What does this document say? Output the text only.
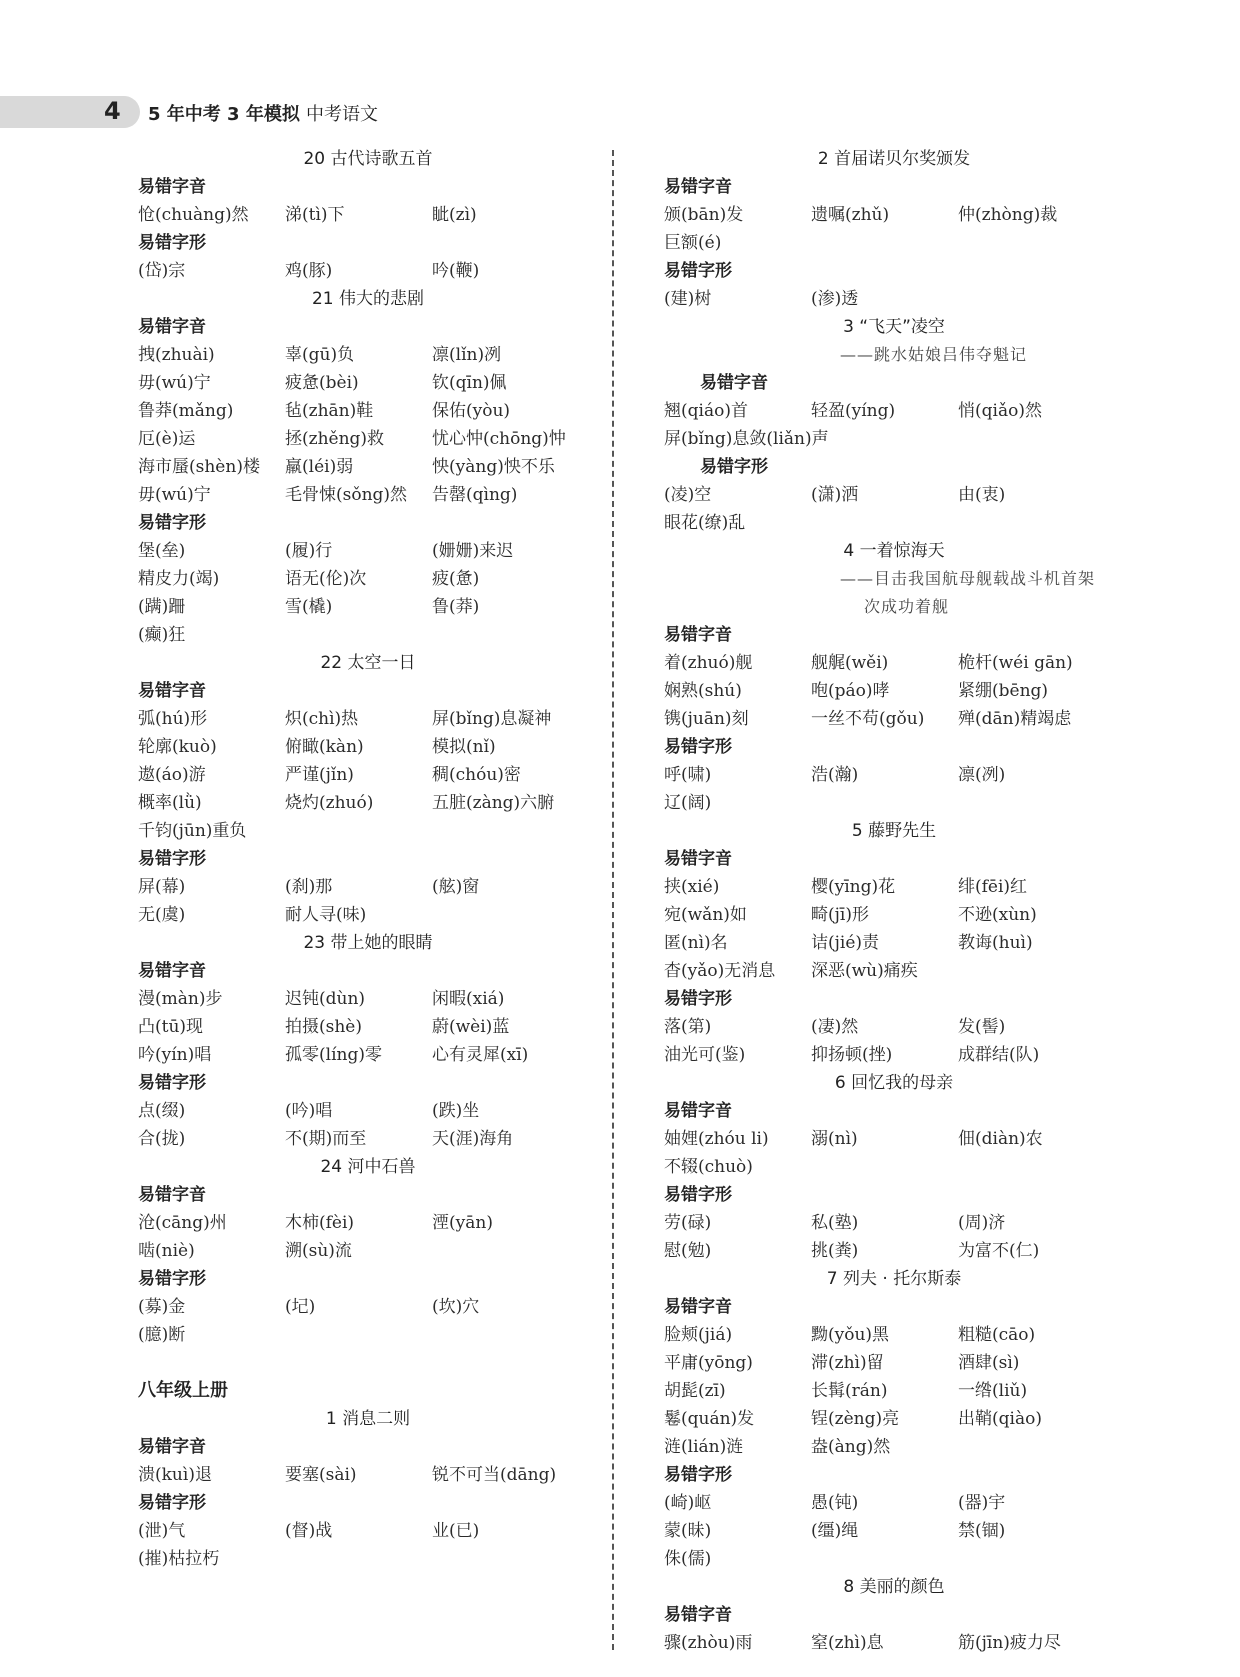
4 5 年中考 3 年模拟 中考语文
20 古代诗歌五首
易错字音
怆(chuàng)然	涕(tì)下	眦(zì)
易错字形
(岱)宗	鸡(豚)	吟(鞭)
21 伟大的悲剧
易错字音
拽(zhuài)	辜(gū)负	凛(lǐn)冽
毋(wú)宁	疲惫(bèi)	钦(qīn)佩
鲁莽(mǎng)	毡(zhān)鞋	保佑(yòu)
厄(è)运	拯(zhěng)救	忧心忡(chōng)忡
海市蜃(shèn)楼	羸(léi)弱	怏(yàng)怏不乐
毋(wú)宁	毛骨悚(sǒng)然	告罄(qìng)
易错字形
堡(垒)	(履)行	(姗姗)来迟
精皮力(竭)	语无(伦)次	疲(惫)
(蹒)跚	雪(橇)	鲁(莽)
(癫)狂
22 太空一日
易错字音
弧(hú)形	炽(chì)热	屏(bǐng)息凝神
轮廓(kuò)	俯瞰(kàn)	模拟(nǐ)
遨(áo)游	严谨(jǐn)	稠(chóu)密
概率(lǜ)	烧灼(zhuó)	五脏(zàng)六腑
千钧(jūn)重负
易错字形
屏(幕)	(刹)那	(舷)窗
无(虞)	耐人寻(味)
23 带上她的眼睛
易错字音
漫(màn)步	迟钝(dùn)	闲暇(xiá)
凸(tū)现	拍摄(shè)	蔚(wèi)蓝
吟(yín)唱	孤零(líng)零	心有灵犀(xī)
易错字形
点(缀)	(吟)唱	(跌)坐
合(拢)	不(期)而至	天(涯)海角
24 河中石兽
易错字音
沧(cāng)州	木柿(fèi)	湮(yān)
啮(niè)	溯(sù)流
易错字形
(募)金	(圮)	(坎)穴
(臆)断
八年级上册
1 消息二则
易错字音
溃(kuì)退	要塞(sài)	锐不可当(dāng)
易错字形
(泄)气	(督)战	业(已)
(摧)枯拉朽
2 首届诺贝尔奖颁发
易错字音
颁(bān)发	遗嘱(zhǔ)	仲(zhòng)裁
巨额(é)
易错字形
(建)树	(渗)透
3 “飞天”凌空
——跳水姑娘吕伟夺魁记
易错字音
翘(qiáo)首	轻盈(yíng)	悄(qiǎo)然
屏(bǐng)息敛(liǎn)声
易错字形
(凌)空	(潇)洒	由(衷)
眼花(缭)乱
4 一着惊海天
——目击我国航母舰载战斗机首架
次成功着舰
易错字音
着(zhuó)舰	舰艉(wěi)	桅杆(wéi gān)
娴熟(shú)	咆(páo)哮	紧绷(bēng)
镌(juān)刻	一丝不苟(gǒu)	殚(dān)精竭虑
易错字形
呼(啸)	浩(瀚)	凛(冽)
辽(阔)
5 藤野先生
易错字音
挟(xié)	樱(yīng)花	绯(fēi)红
宛(wǎn)如	畸(jī)形	不逊(xùn)
匿(nì)名	诘(jié)责	教诲(huì)
杳(yǎo)无消息	深恶(wù)痛疾
易错字形
落(第)	(凄)然	发(髻)
油光可(鉴)	抑扬顿(挫)	成群结(队)
6 回忆我的母亲
易错字音
妯娌(zhóu li)	溺(nì)	佃(diàn)农
不辍(chuò)
易错字形
劳(碌)	私(塾)	(周)济
慰(勉)	挑(粪)	为富不(仁)
7 列夫 · 托尔斯泰
易错字音
脸颊(jiá)	黝(yǒu)黑	粗糙(cāo)
平庸(yōng)	滞(zhì)留	酒肆(sì)
胡髭(zī)	长髯(rán)	一绺(liǔ)
鬈(quán)发	锃(zèng)亮	出鞘(qiào)
涟(lián)涟	盎(àng)然
易错字形
(崎)岖	愚(钝)	(器)宇
蒙(昧)	(缰)绳	禁(锢)
侏(儒)
8 美丽的颜色
易错字音
骤(zhòu)雨	窒(zhì)息	筋(jīn)疲力尽
